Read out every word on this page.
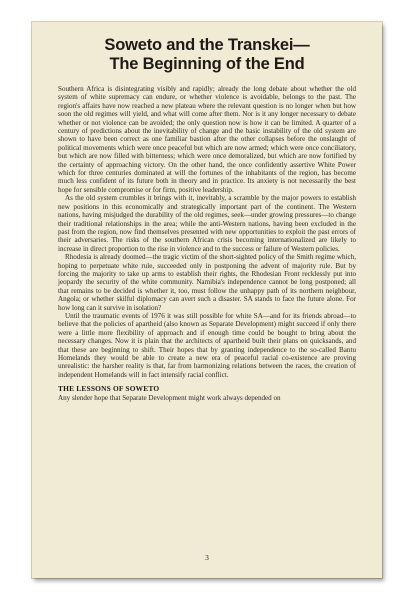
Soweto and the Transkei—
The Beginning of the End

Southern Africa is disintegrating visibly and rapidly; already the long debate about whether the old system of white supremacy can endure, or whether violence is avoidable, belongs to the past. The region's affairs have now reached a new plateau where the relevant question is no longer when but how soon the old regimes will yield, and what will come after them. Nor is it any longer necessary to debate whether or not violence can be avoided; the only question now is how it can be limited. A quarter of a century of predictions about the inevitability of change and the basic instability of the old system are shown to have been correct as one familiar bastion after the other collapses before the onslaught of political movements which were once peaceful but which are now armed; which were once conciliatory, but which are now filled with bitterness; which were once demoralized, but which are now fortified by the certainty of approaching victory. On the other hand, the once confidently assertive White Power which for three centuries dominated at will the fortunes of the inhabitants of the region, has become much less confident of its future both in theory and in practice. Its anxiety is not necessarily the best hope for sensible compromise or for firm, positive leadership.

As the old system crumbles it brings with it, inevitably, a scramble by the major powers to establish new positions in this economically and strategically important part of the continent. The Western nations, having misjudged the durability of the old regimes, seek—under growing pressures—to change their traditional relationships in the area; while the anti-Western nations, having been excluded in the past from the region, now find themselves presented with new opportunities to exploit the past errors of their adversaries. The risks of the southern African crisis becoming internationalized are likely to increase in direct proportion to the rise in violence and to the success or failure of Western policies.

Rhodesia is already doomed—the tragic victim of the short-sighted policy of the Smith regime which, hoping to perpetuate white rule, succeeded only in postponing the advent of majority rule. But by forcing the majority to take up arms to establish their rights, the Rhodesian Front recklessly put into jeopardy the security of the white community. Namibia's independence cannot be long postponed; all that remains to be decided is whether it, too, must follow the unhappy path of its northern neighbour, Angola; or whether skilful diplomacy can avert such a disaster. SA stands to face the future alone. For how long can it survive in isolation?

Until the traumatic events of 1976 it was still possible for white SA—and for its friends abroad—to believe that the policies of apartheid (also known as Separate Development) might succeed if only there were a little more flexibility of approach and if enough time could be bought to bring about the necessary changes. Now it is plain that the architects of apartheid built their plans on quicksands, and that these are beginning to shift. Their hopes that by granting independence to the so-called Bantu Homelands they would be able to create a new era of peaceful racial co-existence are proving unrealistic: the harsher reality is that, far from harmonizing relations between the races, the creation of independent Homelands will in fact intensify racial conflict.

THE LESSONS OF SOWETO

Any slender hope that Separate Development might work always depended on

3
